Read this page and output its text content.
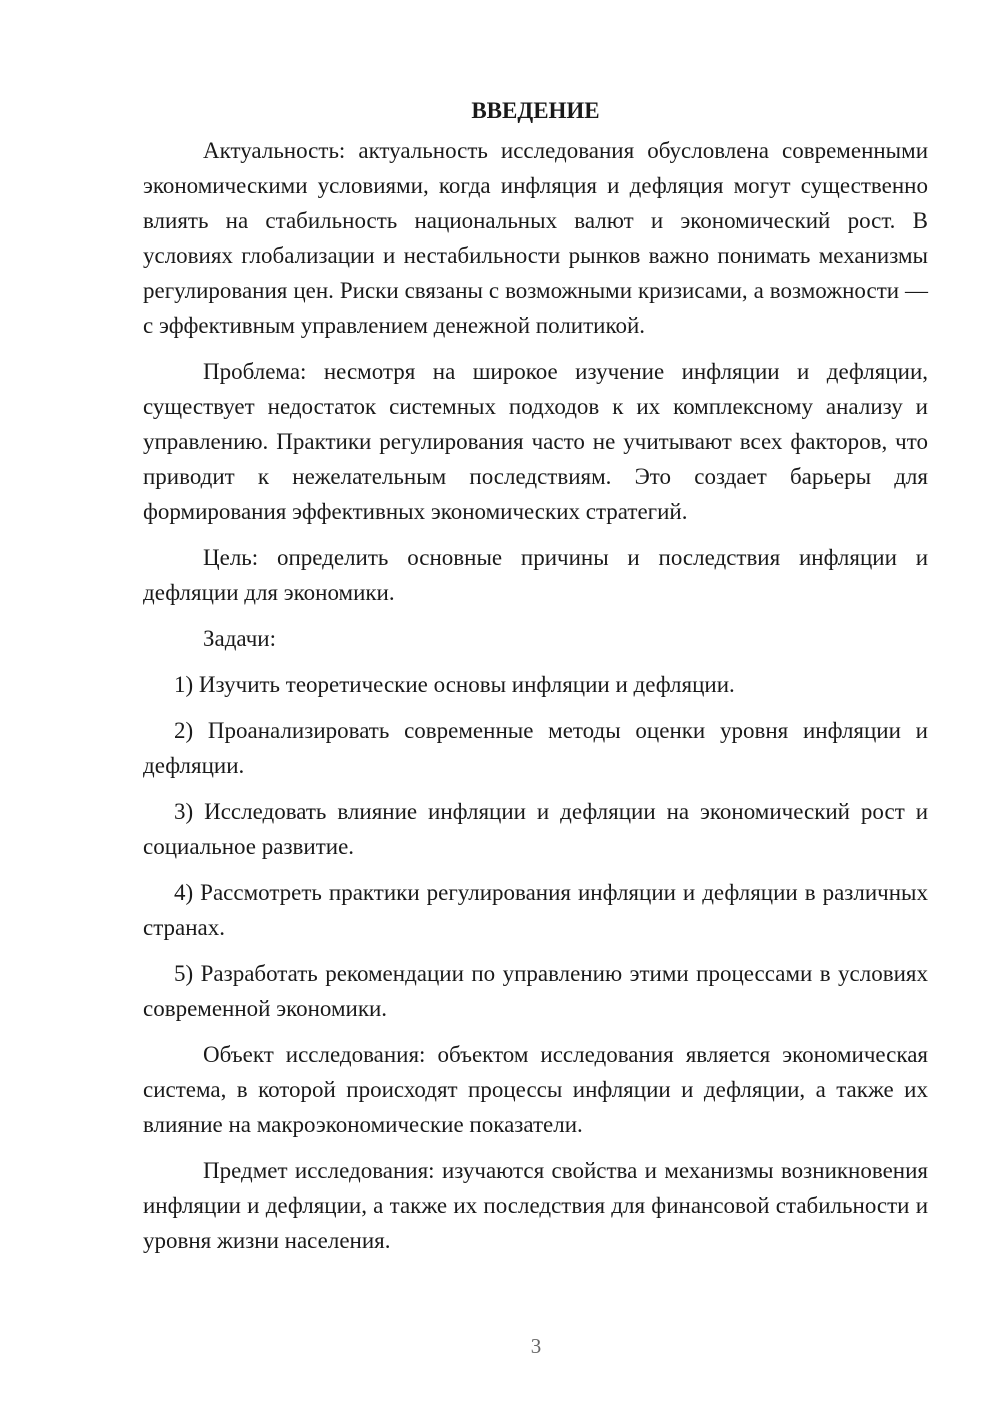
ВВЕДЕНИЕ

Актуальность: актуальность исследования обусловлена современными экономическими условиями, когда инфляция и дефляция могут существенно влиять на стабильность национальных валют и экономический рост. В условиях глобализации и нестабильности рынков важно понимать механизмы регулирования цен. Риски связаны с возможными кризисами, а возможности — с эффективным управлением денежной политикой.

Проблема: несмотря на широкое изучение инфляции и дефляции, существует недостаток системных подходов к их комплексному анализу и управлению. Практики регулирования часто не учитывают всех факторов, что приводит к нежелательным последствиям. Это создает барьеры для формирования эффективных экономических стратегий.

Цель: определить основные причины и последствия инфляции и дефляции для экономики.

Задачи:

1) Изучить теоретические основы инфляции и дефляции.

2) Проанализировать современные методы оценки уровня инфляции и дефляции.

3) Исследовать влияние инфляции и дефляции на экономический рост и социальное развитие.

4) Рассмотреть практики регулирования инфляции и дефляции в различных странах.

5) Разработать рекомендации по управлению этими процессами в условиях современной экономики.

Объект исследования: объектом исследования является экономическая система, в которой происходят процессы инфляции и дефляции, а также их влияние на макроэкономические показатели.

Предмет исследования: изучаются свойства и механизмы возникновения инфляции и дефляции, а также их последствия для финансовой стабильности и уровня жизни населения.

3
